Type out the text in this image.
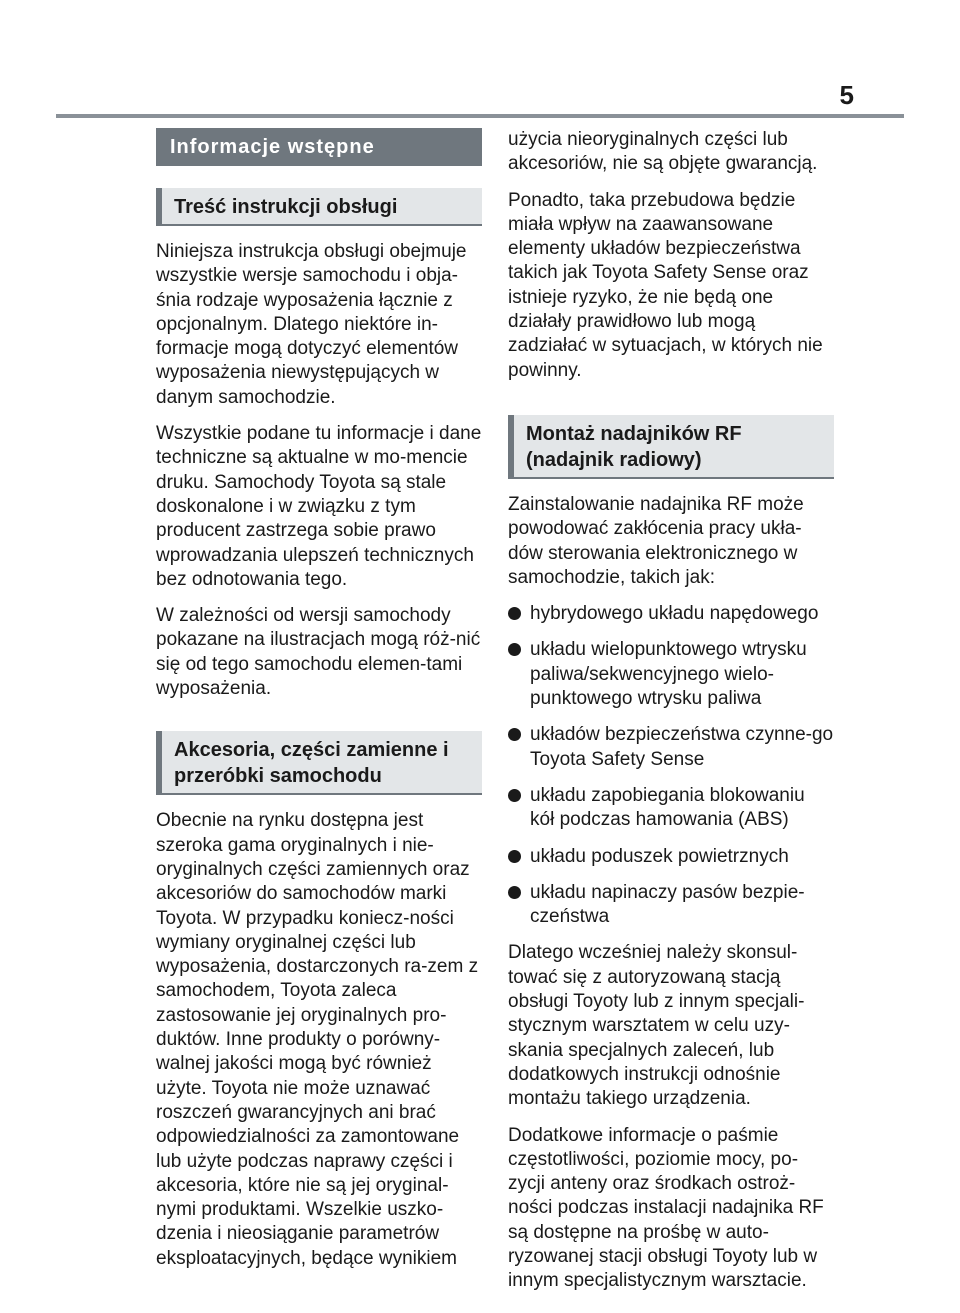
5
Informacje wstępne
Treść instrukcji obsługi

Niniejsza instrukcja obsługi obejmuje wszystkie wersje samochodu i obja-śnia rodzaje wyposażenia łącznie z opcjonalnym. Dlatego niektóre in-formacje mogą dotyczyć elementów wyposażenia niewystępujących w danym samochodzie.

Wszystkie podane tu informacje i dane techniczne są aktualne w mo-mencie druku. Samochody Toyota są stale doskonalone i w związku z tym producent zastrzega sobie prawo wprowadzania ulepszeń technicznych bez odnotowania tego.

W zależności od wersji samochody pokazane na ilustracjach mogą róż-nić się od tego samochodu elemen-tami wyposażenia.

Akcesoria, części zamienne i przeróbki samochodu

Obecnie na rynku dostępna jest szeroka gama oryginalnych i nie-oryginalnych części zamiennych oraz akcesoriów do samochodów marki Toyota. W przypadku koniecz-ności wymiany oryginalnej części lub wyposażenia, dostarczonych ra-zem z samochodem, Toyota zaleca zastosowanie jej oryginalnych pro-duktów. Inne produkty o porówny-walnej jakości mogą być również użyte. Toyota nie może uznawać roszczeń gwarancyjnych ani brać odpowiedzialności za zamontowane lub użyte podczas naprawy części i akcesoria, które nie są jej oryginal-nymi produktami. Wszelkie uszko-dzenia i nieosiąganie parametrów eksploatacyjnych, będące wynikiem

użycia nieoryginalnych części lub akcesoriów, nie są objęte gwarancją.

Ponadto, taka przebudowa będzie miała wpływ na zaawansowane elementy układów bezpieczeństwa takich jak Toyota Safety Sense oraz istnieje ryzyko, że nie będą one działały prawidłowo lub mogą zadziałać w sytuacjach, w których nie powinny.

Montaż nadajników RF (nadajnik radiowy)

Zainstalowanie nadajnika RF może powodować zakłócenia pracy ukła-dów sterowania elektronicznego w samochodzie, takich jak:

hybrydowego układu napędowego
układu wielopunktowego wtrysku paliwa/sekwencyjnego wielo-punktowego wtrysku paliwa
układów bezpieczeństwa czynne-go Toyota Safety Sense
układu zapobiegania blokowaniu kół podczas hamowania (ABS)
układu poduszek powietrznych
układu napinaczy pasów bezpie-czeństwa

Dlatego wcześniej należy skonsul-tować się z autoryzowaną stacją obsługi Toyoty lub z innym specjali-stycznym warsztatem w celu uzy-skania specjalnych zaleceń, lub dodatkowych instrukcji odnośnie montażu takiego urządzenia.

Dodatkowe informacje o paśmie częstotliwości, poziomie mocy, po-zycji anteny oraz środkach ostroż-ności podczas instalacji nadajnika RF są dostępne na prośbę w auto-ryzowanej stacji obsługi Toyoty lub w innym specjalistycznym warsztacie.
